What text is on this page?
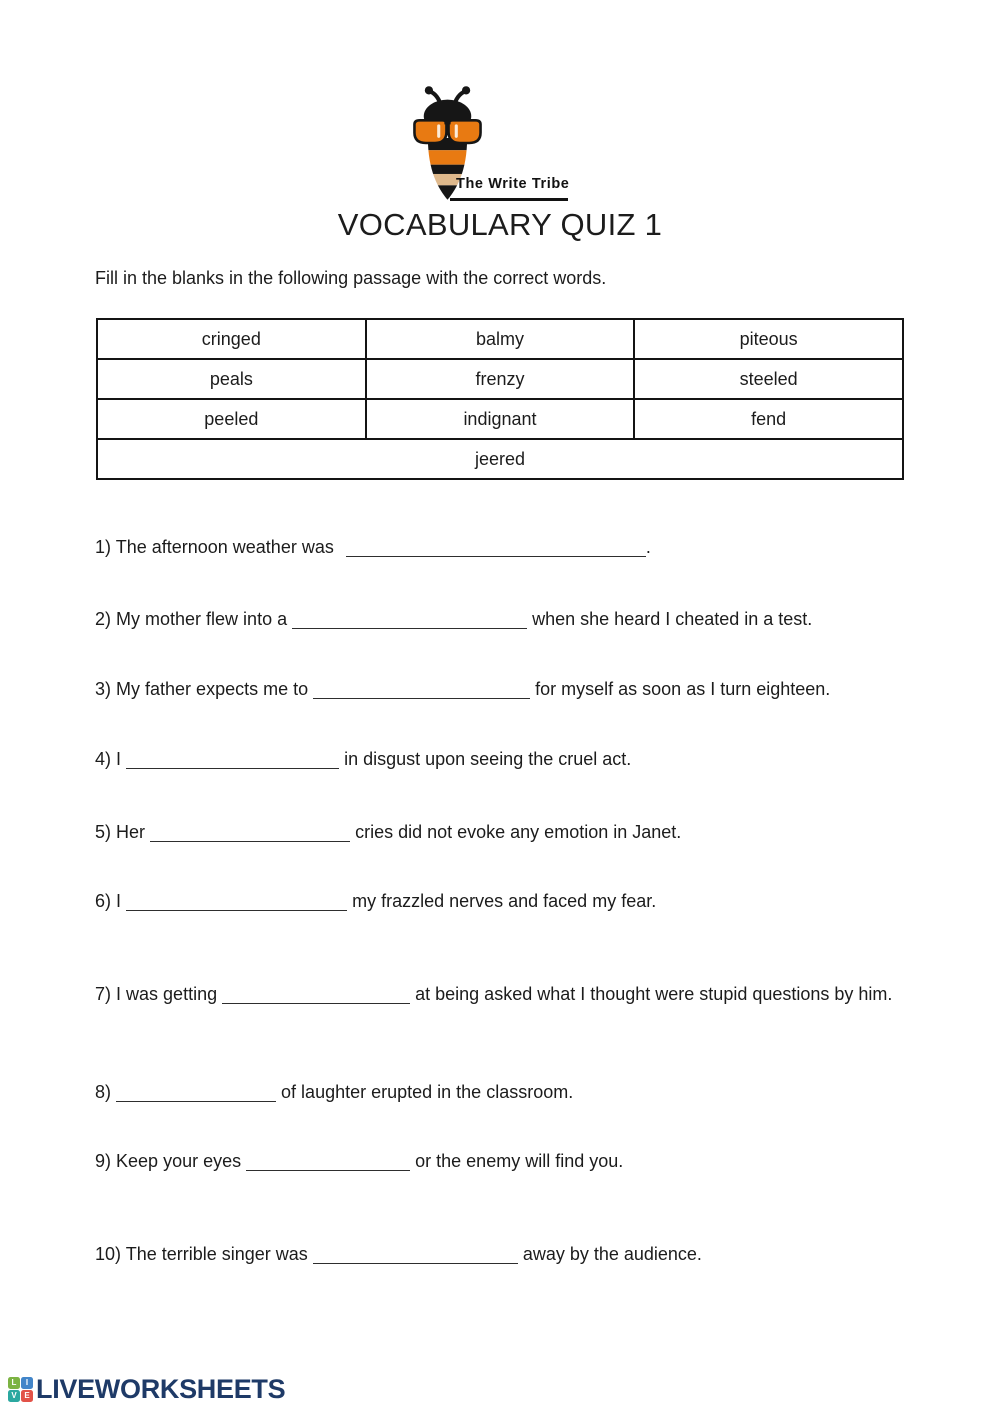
The Write Tribe
VOCABULARY QUIZ 1

Fill in the blanks in the following passage with the correct words.

cringed	balmy	piteous
peals	frenzy	steeled
peeled	indignant	fend
jeered		
1) The afternoon weather was	.
2) My mother flew into a	when she heard I cheated in a test.
3) My father expects me to	for myself as soon as I turn eighteen.
4) I	in disgust upon seeing the cruel act.
5) Her	cries did not evoke any emotion in Janet.
6) I	my frazzled nerves and faced my fear.
7) I was getting	at being asked what I thought were stupid questions by him.
8)	of laughter erupted in the classroom.
9) Keep your eyes	or the enemy will find you.
10) The terrible singer was	away by the audience.
L	I
V E LIVEWORKSHEETS
